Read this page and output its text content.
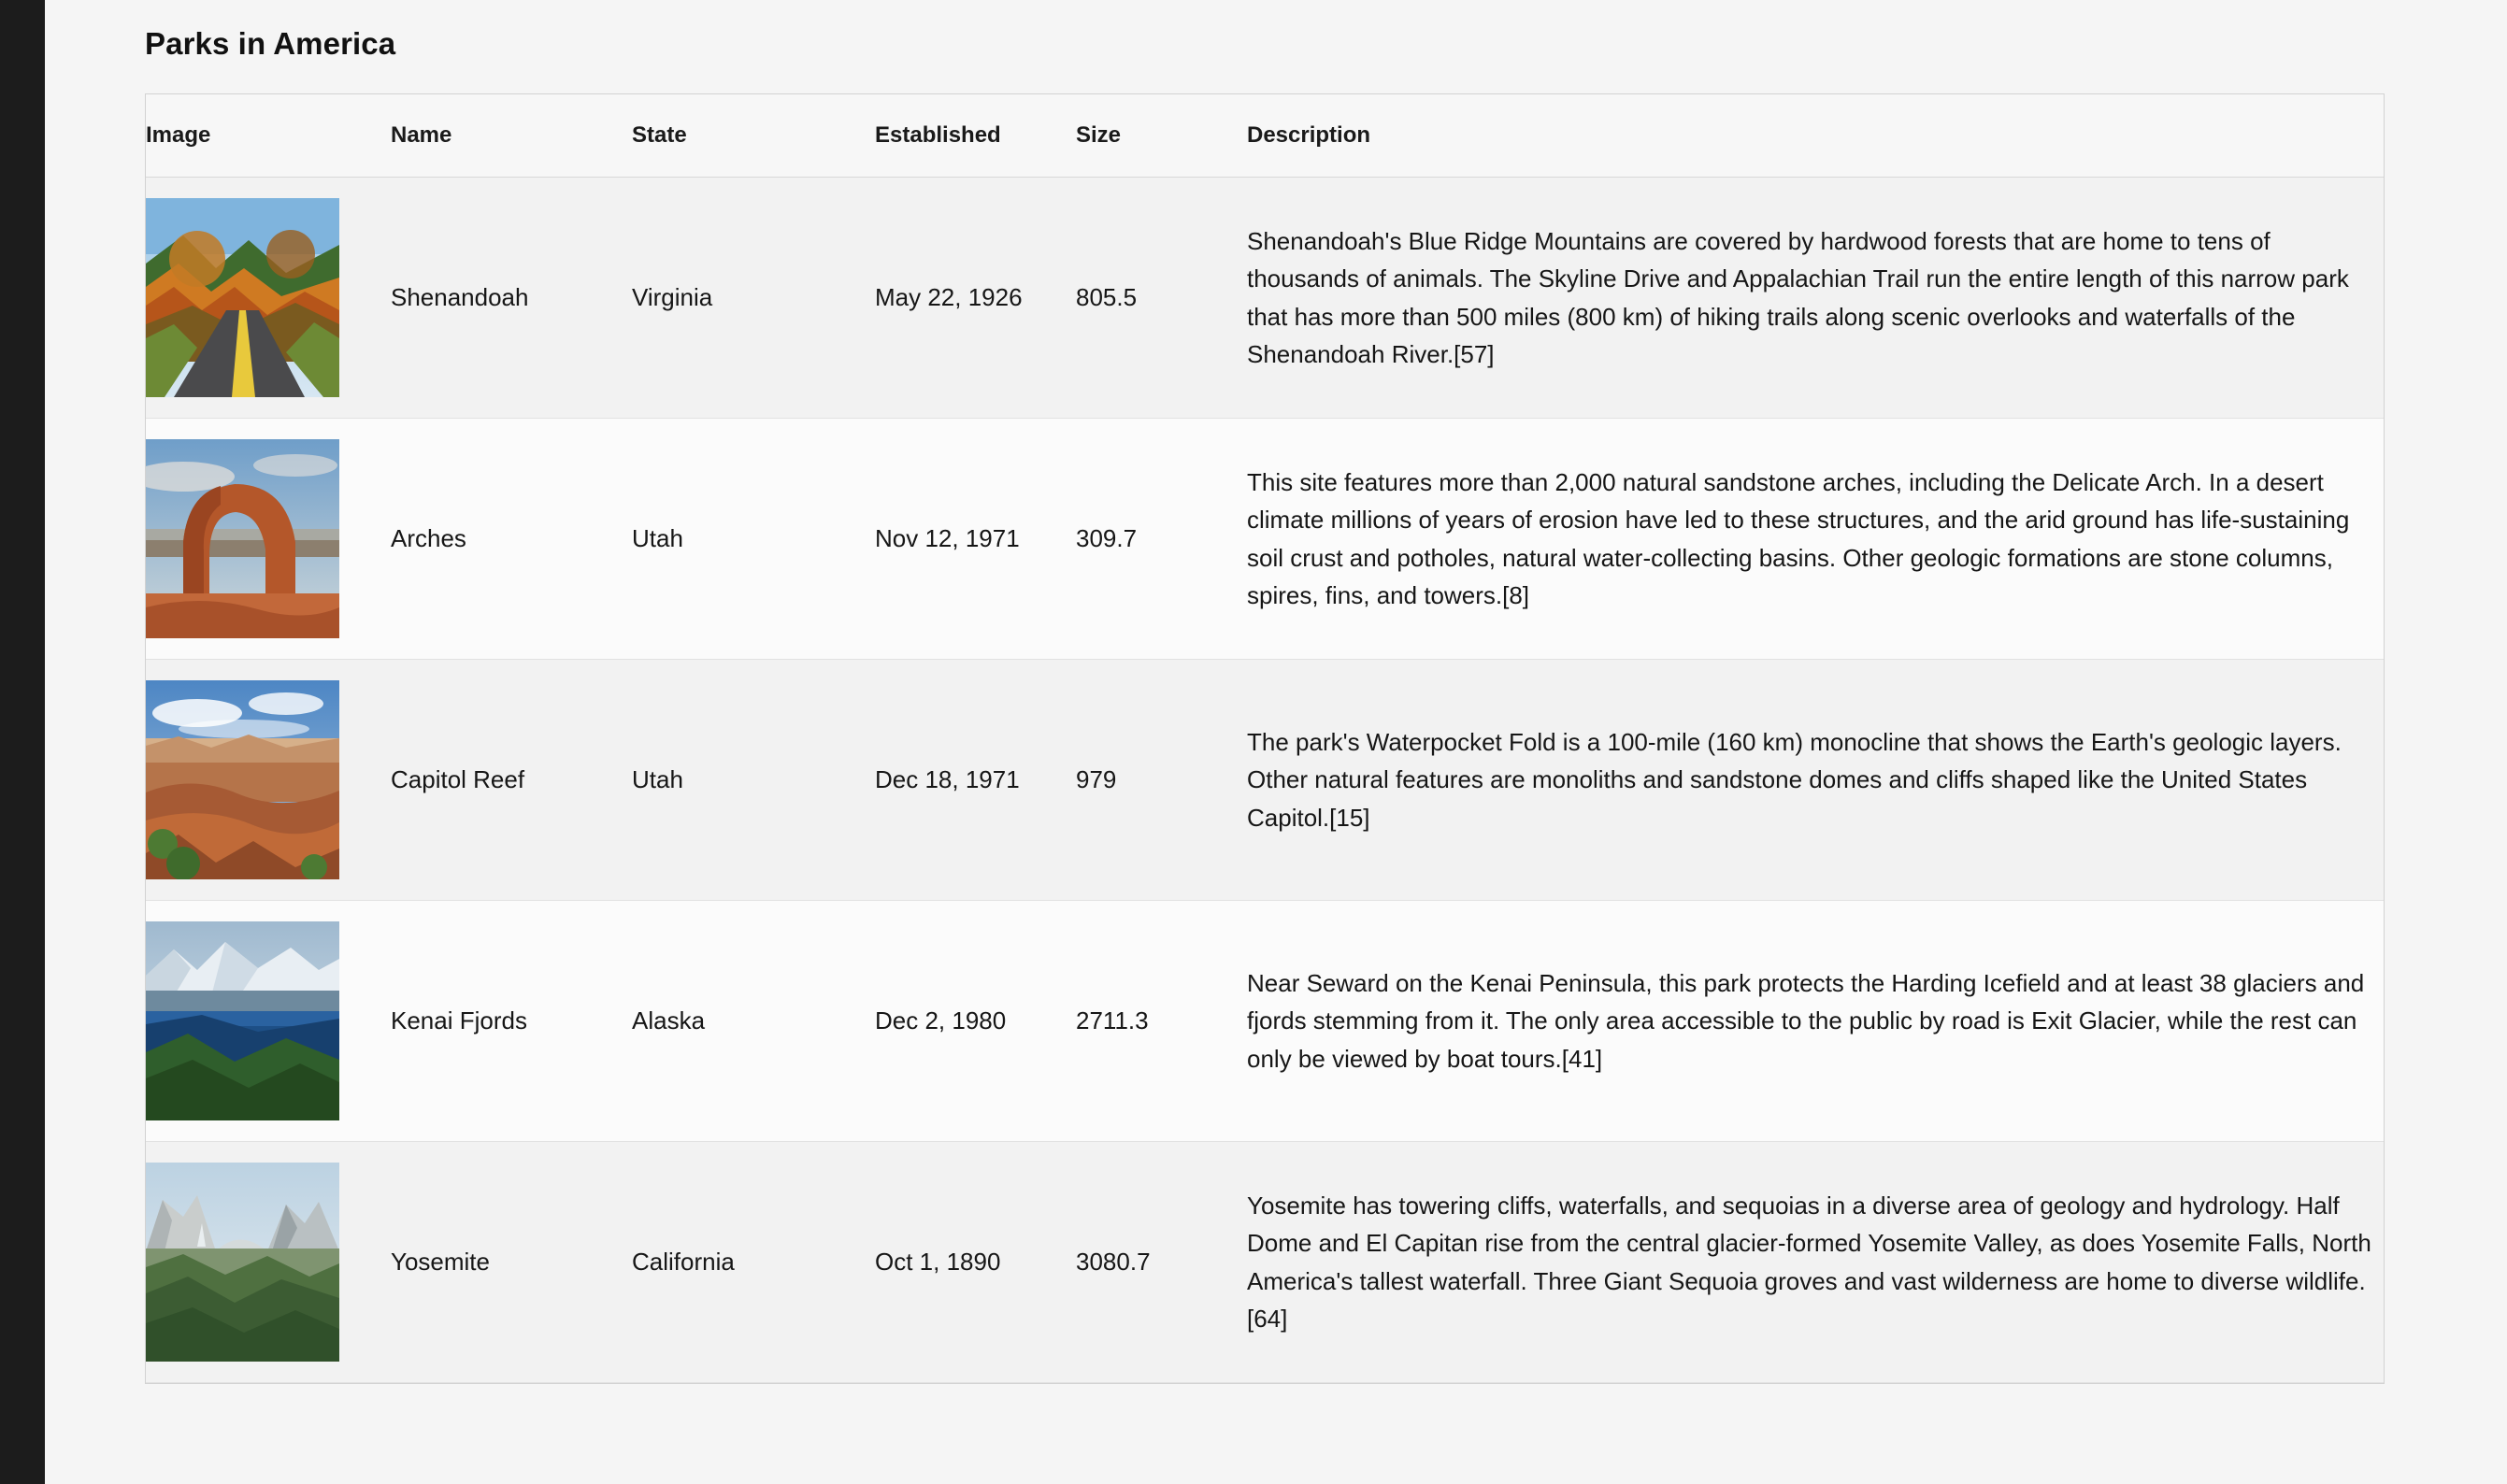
Parks in America
Image	Name	State	Established	Size	Description

	Shenandoah	Virginia	May 22, 1926	805.5	Shenandoah's Blue Ridge Mountains are covered by hardwood forests that are home to tens of thousands of animals. The Skyline Drive and Appalachian Trail run the entire length of this narrow park that has more than 500 miles (800 km) of hiking trails along scenic overlooks and waterfalls of the Shenandoah River.[57]

	Arches	Utah	Nov 12, 1971	309.7	This site features more than 2,000 natural sandstone arches, including the Delicate Arch. In a desert climate millions of years of erosion have led to these structures, and the arid ground has life-sustaining soil crust and potholes, natural water-collecting basins. Other geologic formations are stone columns, spires, fins, and towers.[8]

	Capitol Reef	Utah	Dec 18, 1971	979	The park's Waterpocket Fold is a 100-mile (160 km) monocline that shows the Earth's geologic layers. Other natural features are monoliths and sandstone domes and cliffs shaped like the United States Capitol.[15]

	Kenai Fjords	Alaska	Dec 2, 1980	2711.3	Near Seward on the Kenai Peninsula, this park protects the Harding Icefield and at least 38 glaciers and fjords stemming from it. The only area accessible to the public by road is Exit Glacier, while the rest can only be viewed by boat tours.[41]

	Yosemite	California	Oct 1, 1890	3080.7	Yosemite has towering cliffs, waterfalls, and sequoias in a diverse area of geology and hydrology. Half Dome and El Capitan rise from the central glacier-formed Yosemite Valley, as does Yosemite Falls, North America's tallest waterfall. Three Giant Sequoia groves and vast wilderness are home to diverse wildlife.[64]
